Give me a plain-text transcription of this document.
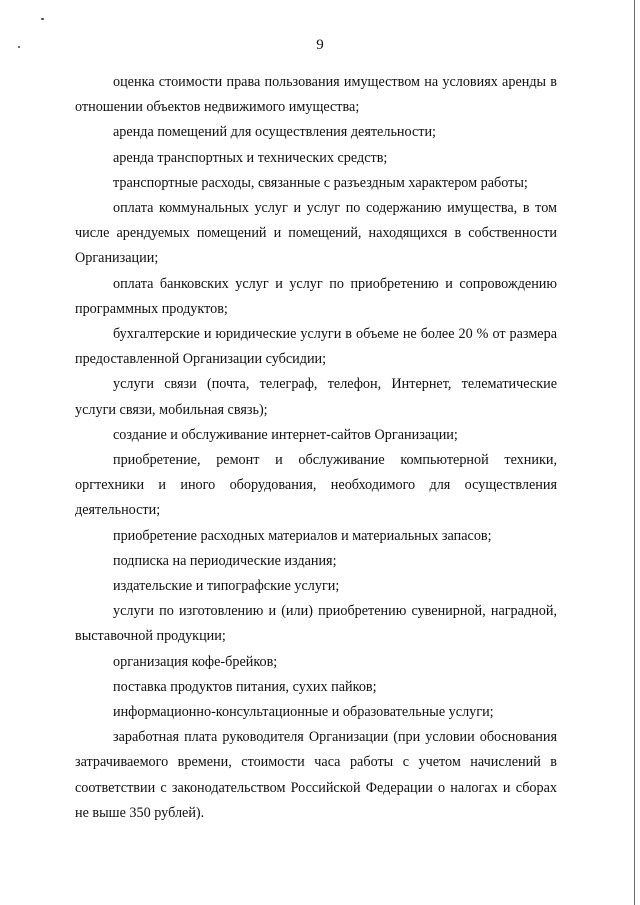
9

оценка стоимости права пользования имуществом на условиях аренды в отношении объектов недвижимого имущества;

аренда помещений для осуществления деятельности;

аренда транспортных и технических средств;

транспортные расходы, связанные с разъездным характером работы;

оплата коммунальных услуг и услуг по содержанию имущества, в том числе арендуемых помещений и помещений, находящихся в собственности Организации;

оплата банковских услуг и услуг по приобретению и сопровождению программных продуктов;

бухгалтерские и юридические услуги в объеме не более 20 % от размера предоставленной Организации субсидии;

услуги связи (почта, телеграф, телефон, Интернет, телематические услуги связи, мобильная связь);

создание и обслуживание интернет-сайтов Организации;

приобретение, ремонт и обслуживание компьютерной техники, оргтехники и иного оборудования, необходимого для осуществления деятельности;

приобретение расходных материалов и материальных запасов;

подписка на периодические издания;

издательские и типографские услуги;

услуги по изготовлению и (или) приобретению сувенирной, наградной, выставочной продукции;

организация кофе-брейков;

поставка продуктов питания, сухих пайков;

информационно-консультационные и образовательные услуги;

заработная плата руководителя Организации (при условии обоснования затрачиваемого времени, стоимости часа работы с учетом начислений в соответствии с законодательством Российской Федерации о налогах и сборах не выше 350 рублей).
